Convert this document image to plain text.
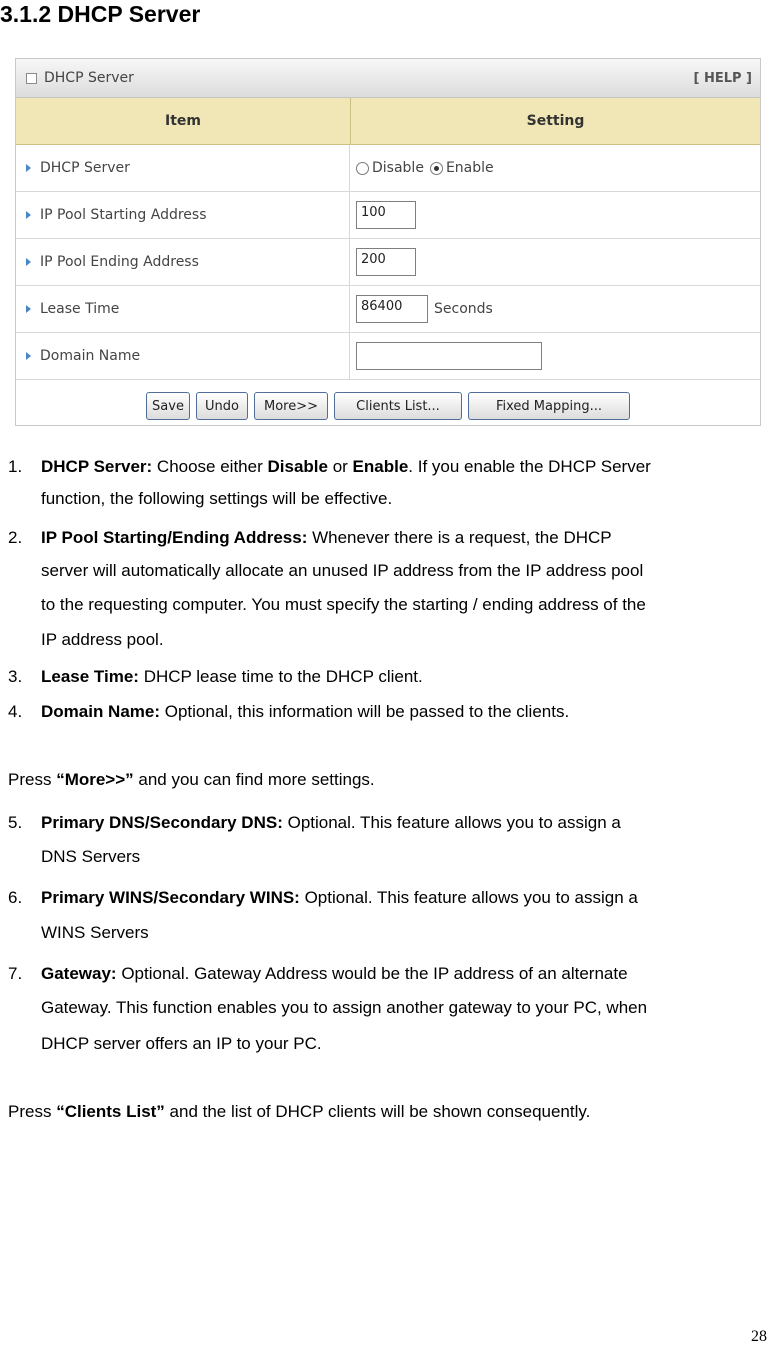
3.1.2 DHCP Server
DHCP Server	[ HELP ]
Item	Setting
DHCP Server	Disable Enable
IP Pool Starting Address	100
IP Pool Ending Address	200
Lease Time	86400	Seconds
Domain Name
Save	Undo	More>>	Clients List...	Fixed Mapping...
1. DHCP Server: Choose either Disable or Enable. If you enable the DHCP Server
function, the following settings will be effective.
2. IP Pool Starting/Ending Address: Whenever there is a request, the DHCP
server will automatically allocate an unused IP address from the IP address pool
to the requesting computer. You must specify the starting / ending address of the
IP address pool.
3. Lease Time: DHCP lease time to the DHCP client.
4. Domain Name: Optional, this information will be passed to the clients.
Press “More>>” and you can find more settings.
5. Primary DNS/Secondary DNS: Optional. This feature allows you to assign a
DNS Servers
6. Primary WINS/Secondary WINS: Optional. This feature allows you to assign a
WINS Servers
7. Gateway: Optional. Gateway Address would be the IP address of an alternate
Gateway. This function enables you to assign another gateway to your PC, when
DHCP server offers an IP to your PC.
Press “Clients List” and the list of DHCP clients will be shown consequently.
28
